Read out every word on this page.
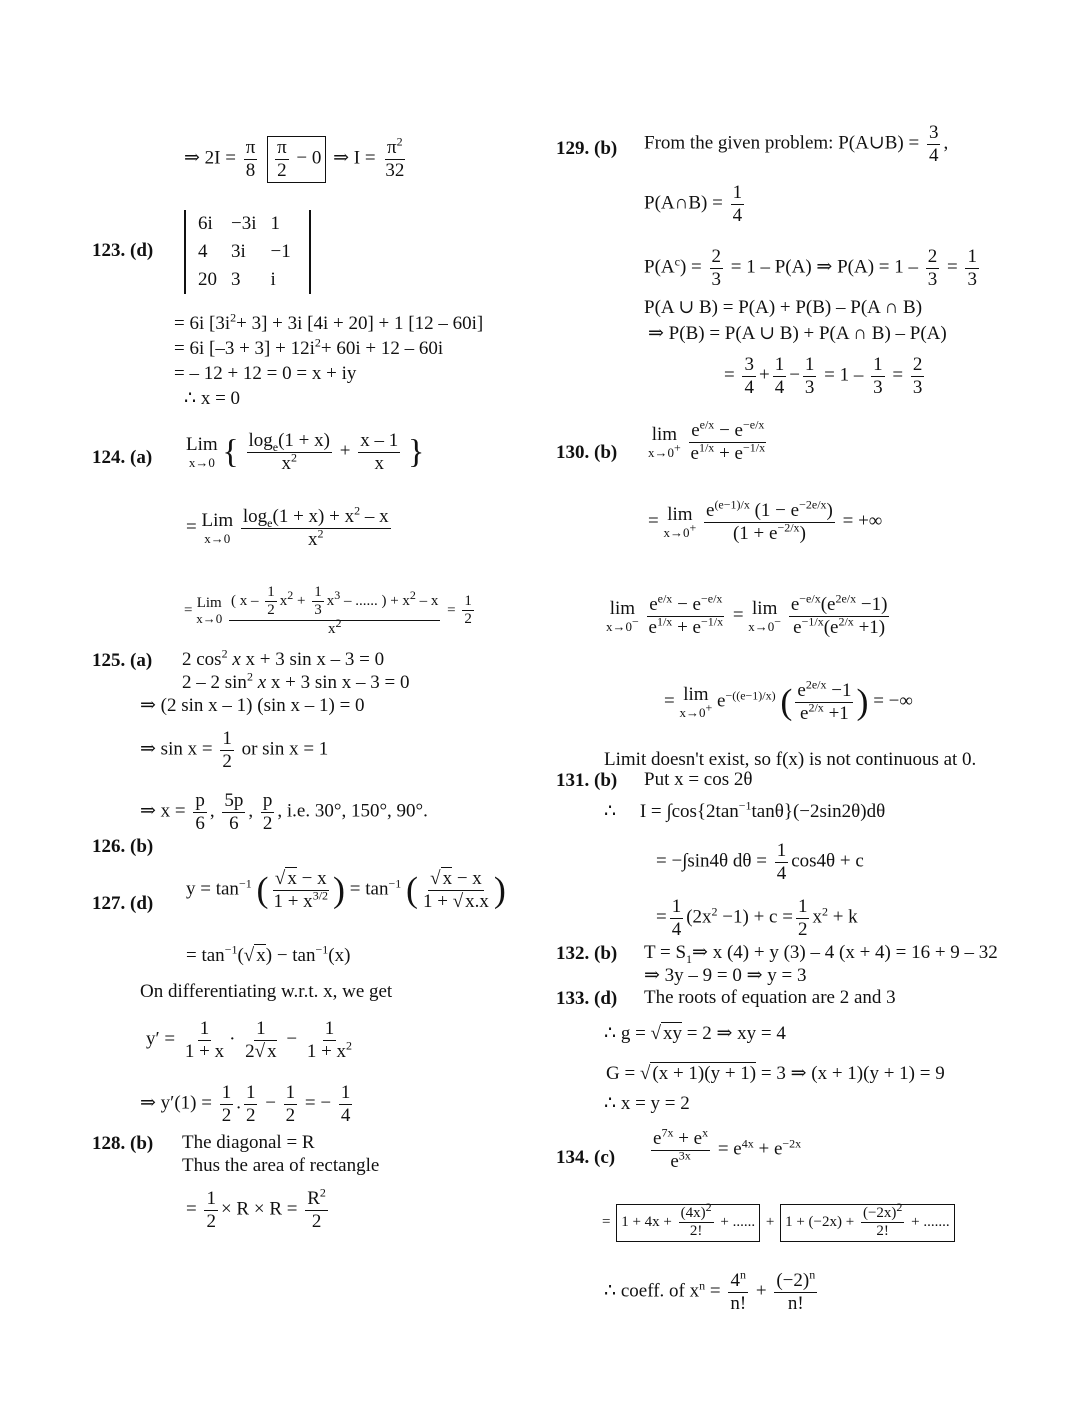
⇒ $2I = \frac{\pi}{8}$
$\frac{\pi}{2} - 0$ ⇒ $I = \frac{\pi^2}{32}$
123. (d)
6i	−3i	1
4	3i	−1
20	3	i
= 6i $[3i^2+ 3] + 3i$ [4i + 20] + 1 [12 – 60i]
= 6i $[-3 + 3] + 12i^2+ 60i + 12 - 60i$
= – 12 + 12 = 0 = x + iy
∴ x = 0
124. (a)
Lim
x→0 { $\frac{\log_e(1 + x)}{x^2} + \frac{x - 1}{x}$ }
= Lim
x→0
$\frac{\log_e(1 + x) + x^2 - x}{x^2}$
= Lim
x→0
$\frac{( x - \frac{1}{2} x^2 + \frac{1}{3} x^3 - ...... ) + x^2 - x}{x^2} = \frac{1}{2}$
125. (a) 2 $\cos^2 x$ x + 3 sin x – 3 = 0
2 – 2 $\sin^2 x$ x + 3 sin x – 3 = 0
⇒ (2 sin x – 1) (sin x – 1) = 0
⇒ $\sin x = \frac{1}{2}$ or sin x = 1
⇒ $x = \frac{p}{6}$ , $\frac{5p}{6}$ , $\frac{p}{2}$ , i.e. 30°, 150°, 90°.
126. (b)
127. (d)
$y = \tan^{-1}$ ( $\frac{√ x - x}{1 + x^{3/2}}$ ) = $\tan^{-1}$ ( $\frac{√ x - x}{1 + √ x.x}$ )
= $\tan^{-1}(√$ $x) - \tan^{-1}(x)$
On differentiating w.r.t. x, we get
$y' = \frac{1}{1 + x} \cdot \frac{1}{2√ x} - \frac{1}{1 + x^2}$
⇒ $y'(1) = \frac{1}{2}$ . $\frac{1}{2} - \frac{1}{2}$ = − $\frac{1}{4}$
128. (b) The diagonal = R
Thus the area of rectangle
= $\frac{1}{2} \times R \times R = \frac{R^2}{2}$
129. (b) From the given problem: P(A∪B) = $\frac{3}{4}$ ,
P(A∩B) = $\frac{1}{4}$
$P(A^c) = \frac{2}{3} = 1 - P(A)$ ⇒ $P(A) = 1 - \frac{2}{3} = \frac{1}{3}$
P(A ∪ B) = P(A) + P(B) – P(A ∩ B)
⇒ P(B) = P(A ∪ B) + P(A ∩ B) – P(A)
= $\frac{3}{4} + \frac{1}{4} - \frac{1}{3} = 1 - \frac{1}{3} = \frac{2}{3}$
130. (b)
lim
x→0+
$\frac{e^{e/x} - e^{-e/x}}{e^{1/x} + e^{-1/x}}$
= lim
x→0+
$\frac{e^{(e-1)/x} (1 - e^{-2e/x})}{(1 + e^{-2/x})}$ = +∞
lim
x→0−
$\frac{e^{e/x} - e^{-e/x}}{e^{1/x} + e^{-1/x}} = \lim$
x→0−
$\frac{e^{-e/x}(e^{2e/x} -1)}{e^{-1/x}(e^{2/x} +1)}$
= lim
x→0+ $e^{-((e-1)/x)}$ ( $\frac{e^{2e/x} -1}{e^{2/x} +1}$ ) = −∞
Limit doesn't exist, so f(x) is not continuous at 0.
131. (b) Put x = cos 2θ
∴     $I = \int\cos\{2\tan^{-1}\tan\theta\}(-2\sin 2\theta)d\theta$
= −∫sin4θ $d\theta = \frac{1}{4} \cos 4\theta + c$
= $\frac{1}{4} (2x^2 -1) + c = \frac{1}{2} x^2 + k$
132. (b) $T = S_1\Rightarrow$ x (4) + y (3) – 4 (x + 4) = 16 + 9 – 32
⇒ 3y – 9 = 0 ⇒ y = 3
133. (d) The roots of equation are 2 and 3
∴ g = √ xy = 2 ⇒ xy = 4
G = √ (x + 1)(y + 1) = 3 ⇒ (x + 1)(y + 1) = 9
∴ x = y = 2
134. $(c) \frac{e^{7x} + e^x}{e^{3x}} = e^{4x} + e^{-2x}$
= $1 + 4x + \frac{(4x)^2}{2!}$ + ...... + $1 + (-2x) + \frac{(-2x)^2}{2!}$ + .......
∴ coeff. of $x^n = \frac{4^n}{n!} + \frac{(-2)^n}{n!}$
